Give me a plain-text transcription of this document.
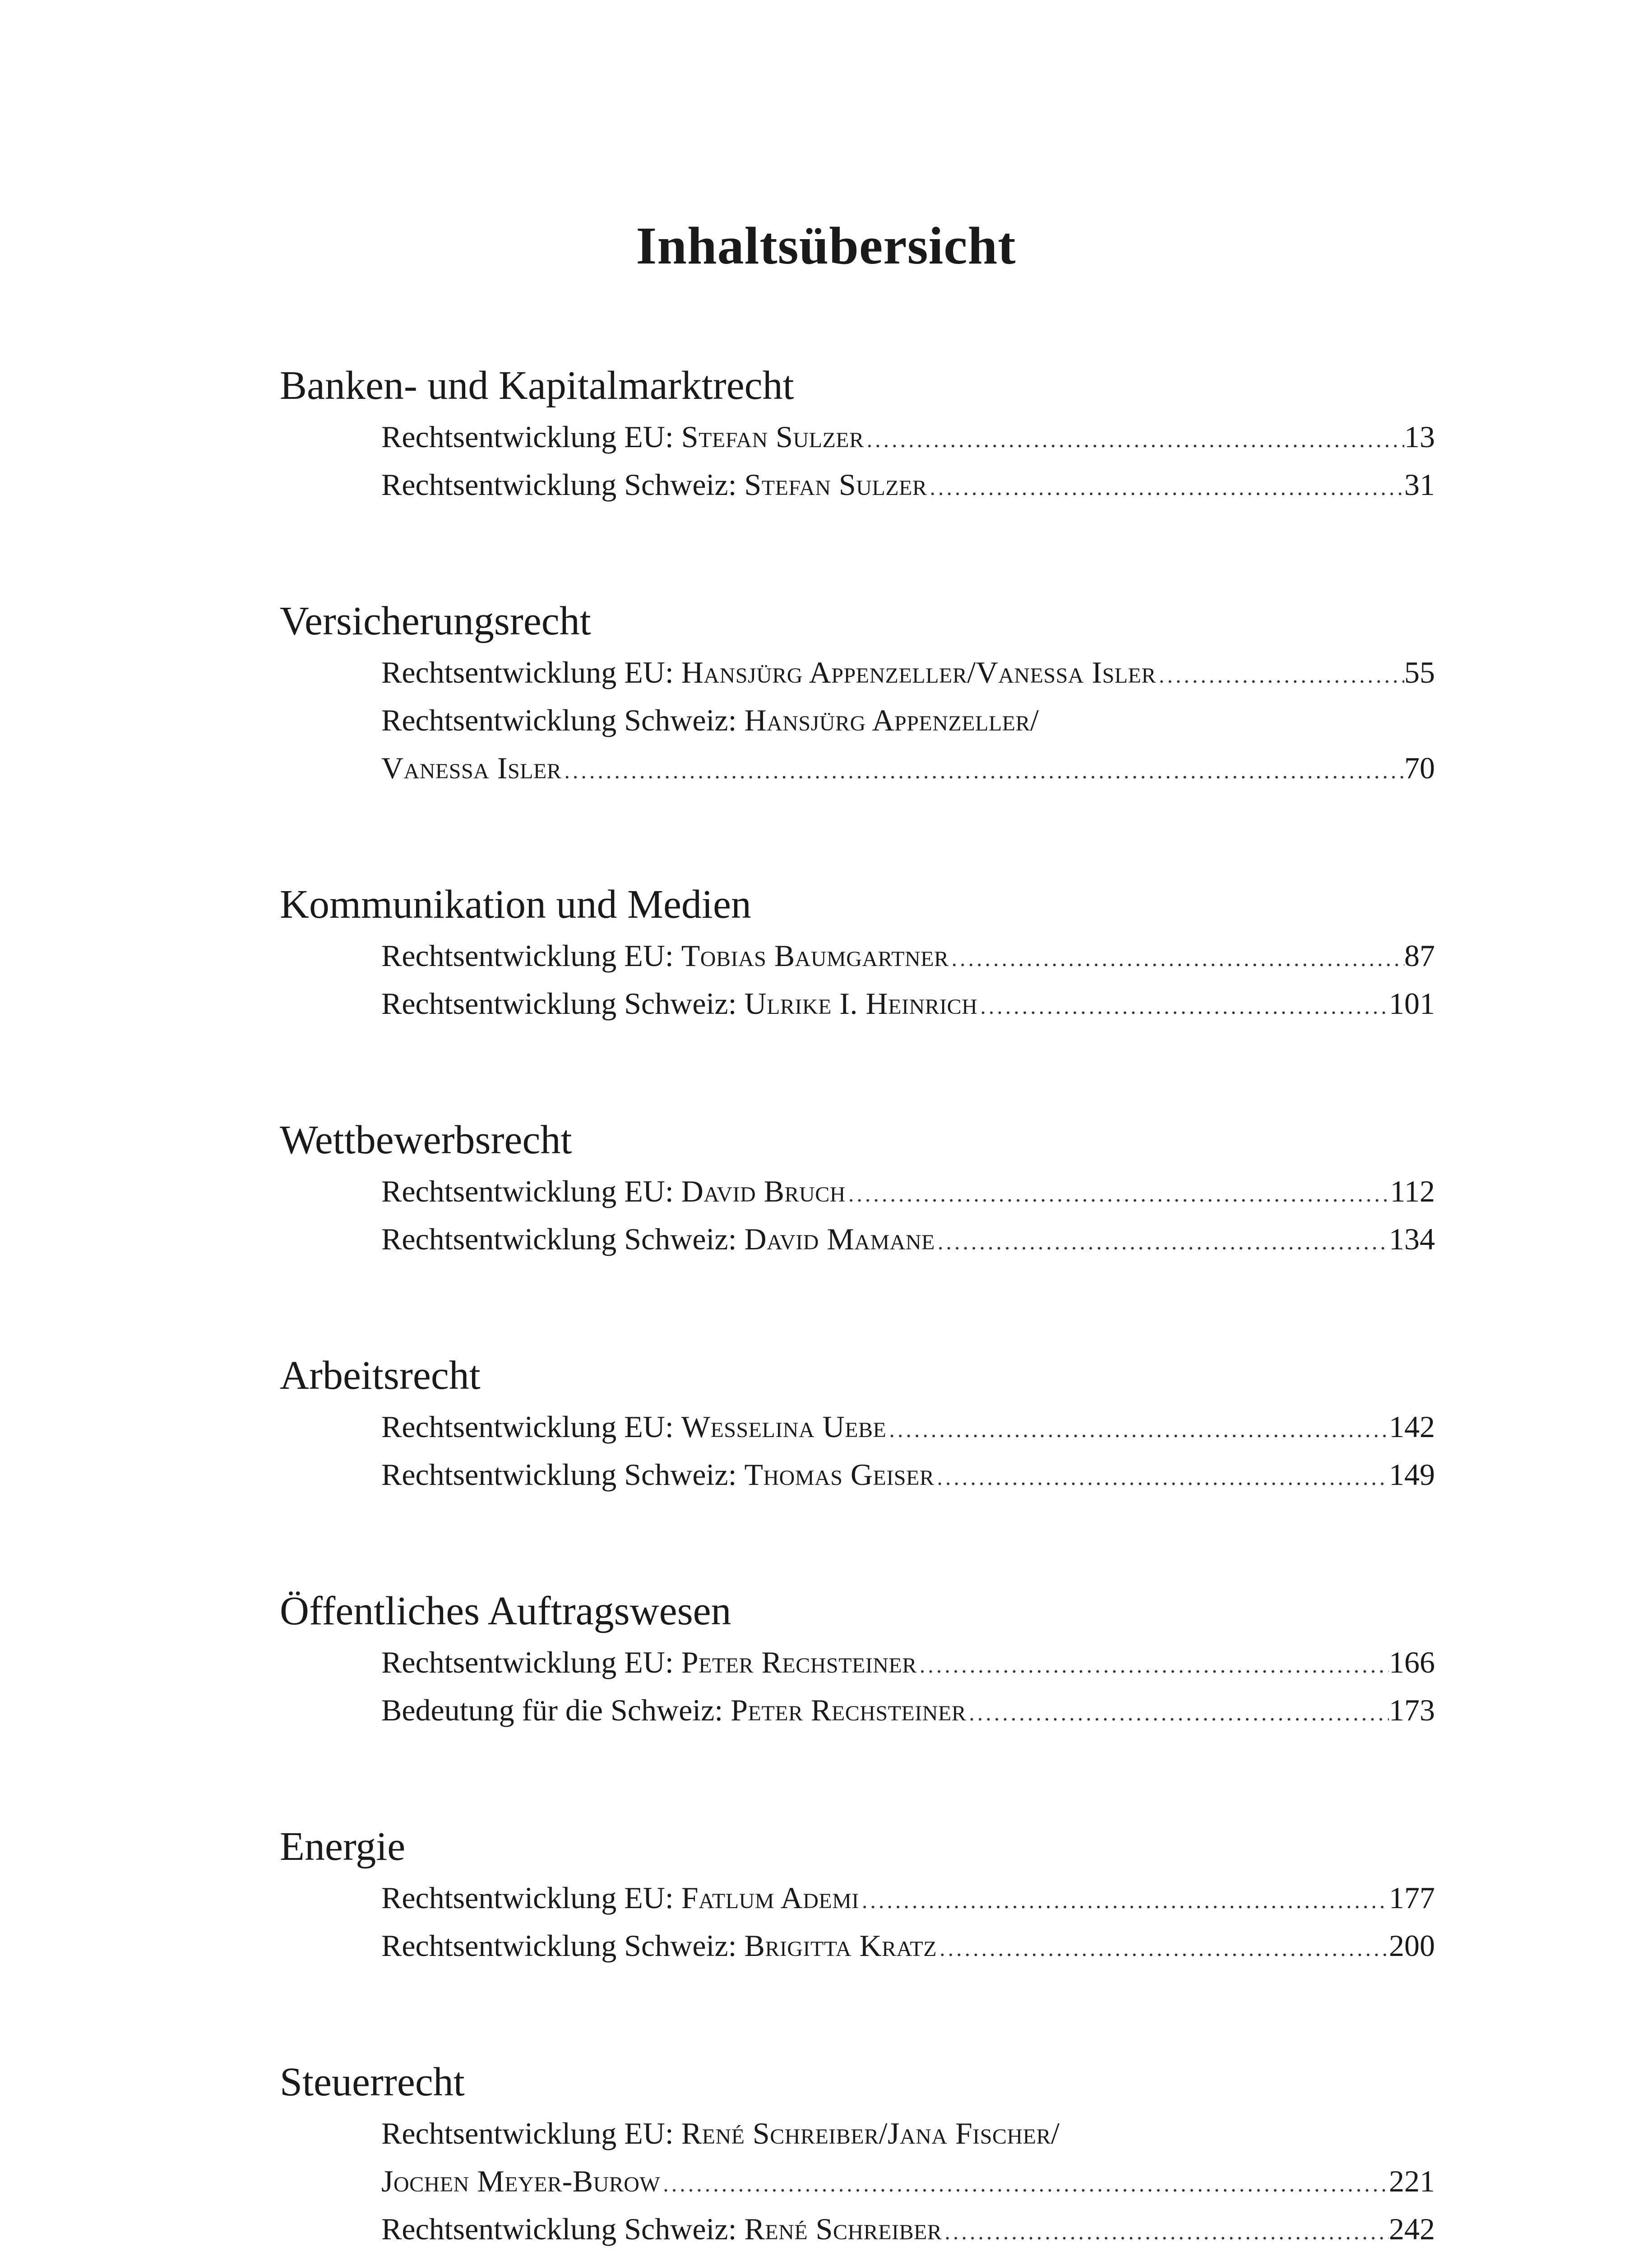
Inhaltsübersicht
Banken- und Kapitalmarktrecht
Rechtsentwicklung EU: Stefan Sulzer .....	13
Rechtsentwicklung Schweiz: Stefan Sulzer .....	31
Versicherungsrecht
Rechtsentwicklung EU: Hansjürg Appenzeller/Vanessa Isler .....	55
Rechtsentwicklung Schweiz: Hansjürg Appenzeller/
Vanessa Isler .....	70
Kommunikation und Medien
Rechtsentwicklung EU: Tobias Baumgartner .....	87
Rechtsentwicklung Schweiz: Ulrike I. Heinrich .....	101
Wettbewerbsrecht
Rechtsentwicklung EU: David Bruch .....	112
Rechtsentwicklung Schweiz: David Mamane .....	134
Arbeitsrecht
Rechtsentwicklung EU: Wesselina Uebe .....	142
Rechtsentwicklung Schweiz: Thomas Geiser .....	149
Öffentliches Auftragswesen
Rechtsentwicklung EU: Peter Rechsteiner .....	166
Bedeutung für die Schweiz: Peter Rechsteiner .....	173
Energie
Rechtsentwicklung EU: Fatlum Ademi .....	177
Rechtsentwicklung Schweiz: Brigitta Kratz .....	200
Steuerrecht
Rechtsentwicklung EU: René Schreiber/Jana Fischer/
Jochen Meyer-Burow .....	221
Rechtsentwicklung Schweiz: René Schreiber .....	242
